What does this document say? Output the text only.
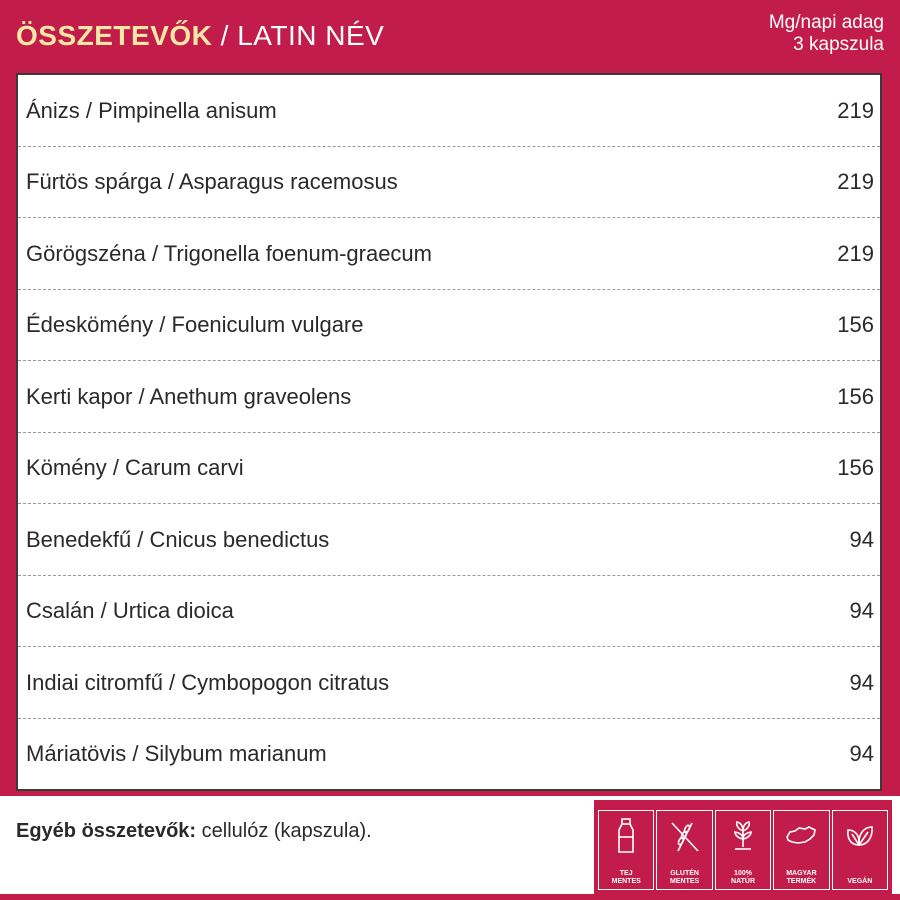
ÖSSZETEVŐK / LATIN NÉV	Mg/napi adag
3 kapszula
Ánizs / Pimpinella anisum	219
Fürtös spárga / Asparagus racemosus	219
Görögszéna / Trigonella foenum-graecum	219
Édeskömény / Foeniculum vulgare	156
Kerti kapor / Anethum graveolens	156
Kömény / Carum carvi	156
Benedekfű / Cnicus benedictus	94
Csalán / Urtica dioica	94
Indiai citromfű / Cymbopogon citratus	94
Máriatövis / Silybum marianum	94
Egyéb összetevők: cellulóz (kapszula).
TEJ
MENTES
GLUTÉN
MENTES
100%
NATÚR
MAGYAR
TERMÉK	VEGÁN
